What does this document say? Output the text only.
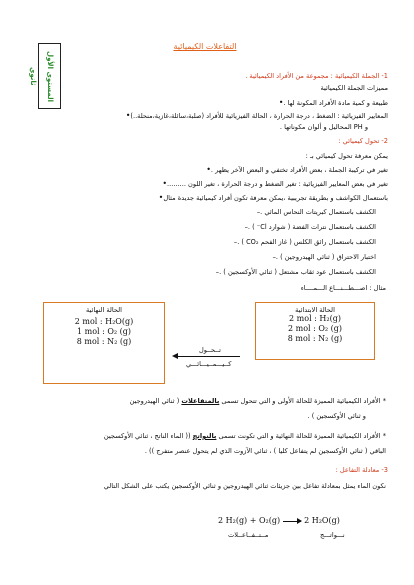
المستوى الأول ثانوي
التفاعلات الكيميائية
1- الجملة الكيميائية : مجموعة من الأفراد الكيميائية .
مميزات الجملة الكيميائية
طبيعة و كمية مادة الأفراد المكونة لها . •
المعايير الفيزيائية : الضغط ، درجة الحرارة ، الحالة الفيزيائية للأفراد (صلبة،سائلة،غازية،منحلة..) •
و PH المحاليل و ألوان مكوناتها .
2- تحول كيميائي :
يمكن معرفة تحول كيميائي بـ :
تغير في تركيبة الجملة ، بعض الأفراد تختفي و البعض الآخر يظهر . •
تغير في بعض المعايير الفيزيائية : تغير الضغط و درجة الحرارة ، تغير اللون ......... •
باستعمال الكواشف و بطريقة تجريبية ،يمكن معرفة تكون أفراد كيميائية جديدة مثال •
الكشف باستعمال كبريتات النحاس المائي . –
الكشف باستعمال نترات الفضة ( شوارد Cl⁻ ) . –
الكشف باستعمال رائق الكلس ( غاز الفحم CO₂ ) . –
اختبار الاحتراق ( ثنائي الهيدروجين ) . –
الكشف باستعمال عود ثقاب مشتعل ( ثنائي الأوكسجين ) . –
مثال : اصـــطـــنـــاع الـــمــــاء
الحالة الابتدائية
2 mol : H₂(g)
2 mol : O₂ (g)
8 mol : N₂ (g)
الحالة النهائية
2 mol : H₂O(g)
1 mol : O₂ (g)
8 mol : N₂ (g)
تــحــول
كــيـــمــيـــائـــي
* الأفراد الكيميائية المميزة للحالة الأولى و التي تتحول تسمى بالمتفاعلات ( ثنائي الهيدروجين
و ثنائي الأوكسجين ) .
* الأفراد الكيميائية المميزة للحالة النهائية و التي تكونت تسمى بالنواتج (( الماء الناتج ، ثنائي الأوكسجين
الباقي ( ثنائي الأوكسجين لم يتفاعل كليا ) ، ثنائي الآزوت الذي لم يتحول عنصر متفرج )) .
3- معادلة التفاعل :
نكون الماء يمثل بمعادلة تفاعل بين جزيئات ثنائي الهيدروجين و ثنائي الأوكسجين يكتب على الشكل التالي
2 H₂(g) + O₂(g) → 2 H₂O(g)
مــتــفــاعــلات	نـــواتـــج
